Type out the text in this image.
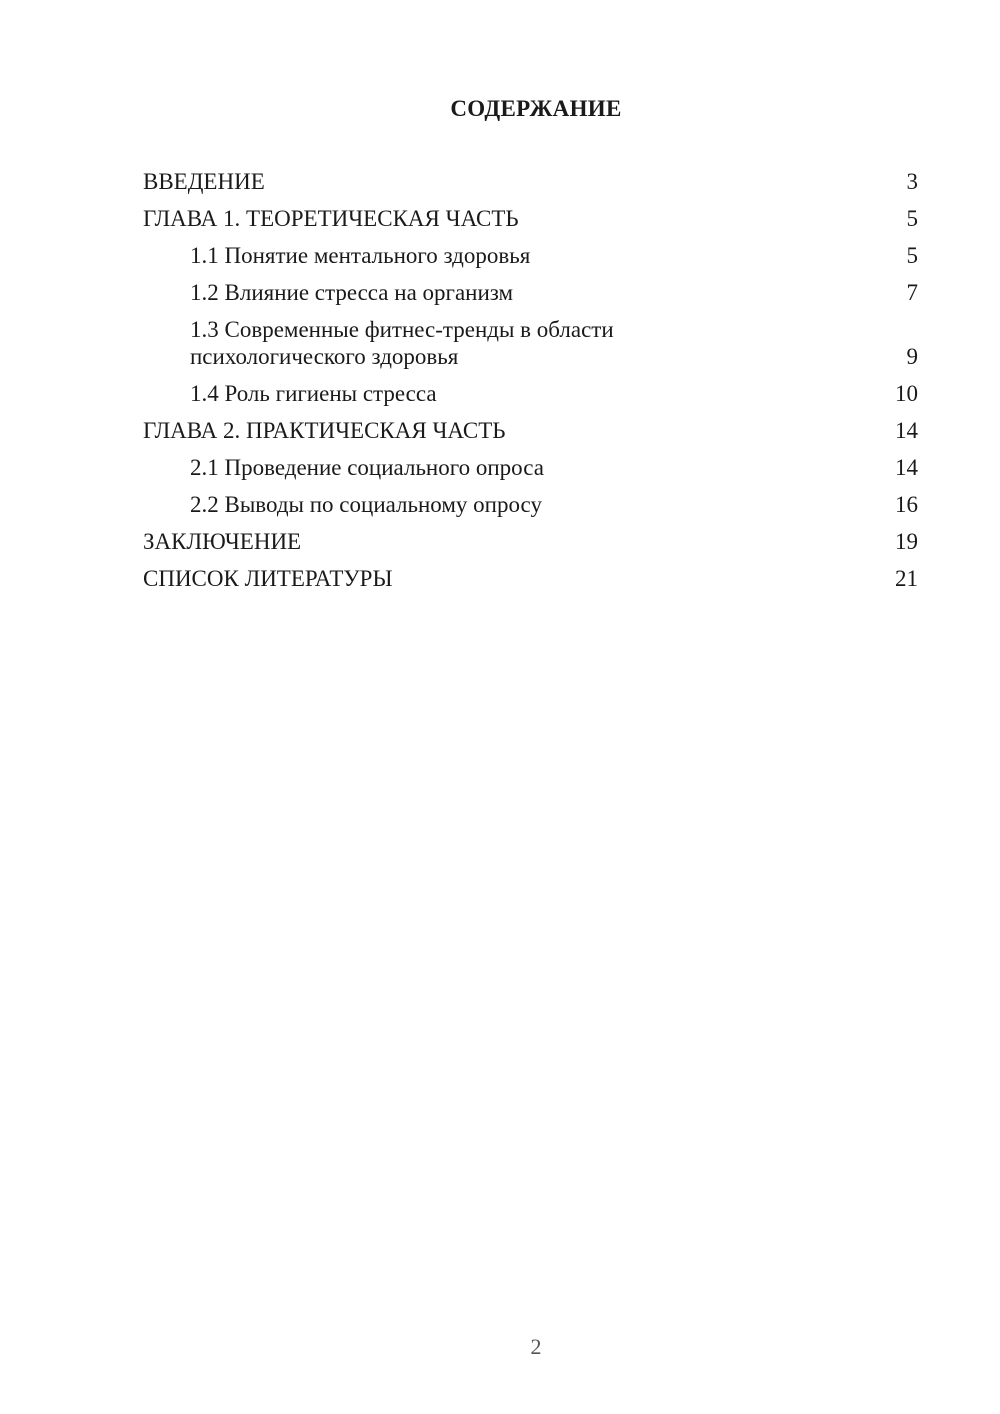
СОДЕРЖАНИЕ
ВВЕДЕНИЕ	3
ГЛАВА 1. ТЕОРЕТИЧЕСКАЯ ЧАСТЬ	5
1.1 Понятие ментального здоровья	5
1.2 Влияние стресса на организм	7
1.3 Современные фитнес-тренды в области психологического здоровья	9
1.4 Роль гигиены стресса	10
ГЛАВА 2. ПРАКТИЧЕСКАЯ ЧАСТЬ	14
2.1 Проведение социального опроса	14
2.2 Выводы по социальному опросу	16
ЗАКЛЮЧЕНИЕ	19
СПИСОК ЛИТЕРАТУРЫ	21
2
